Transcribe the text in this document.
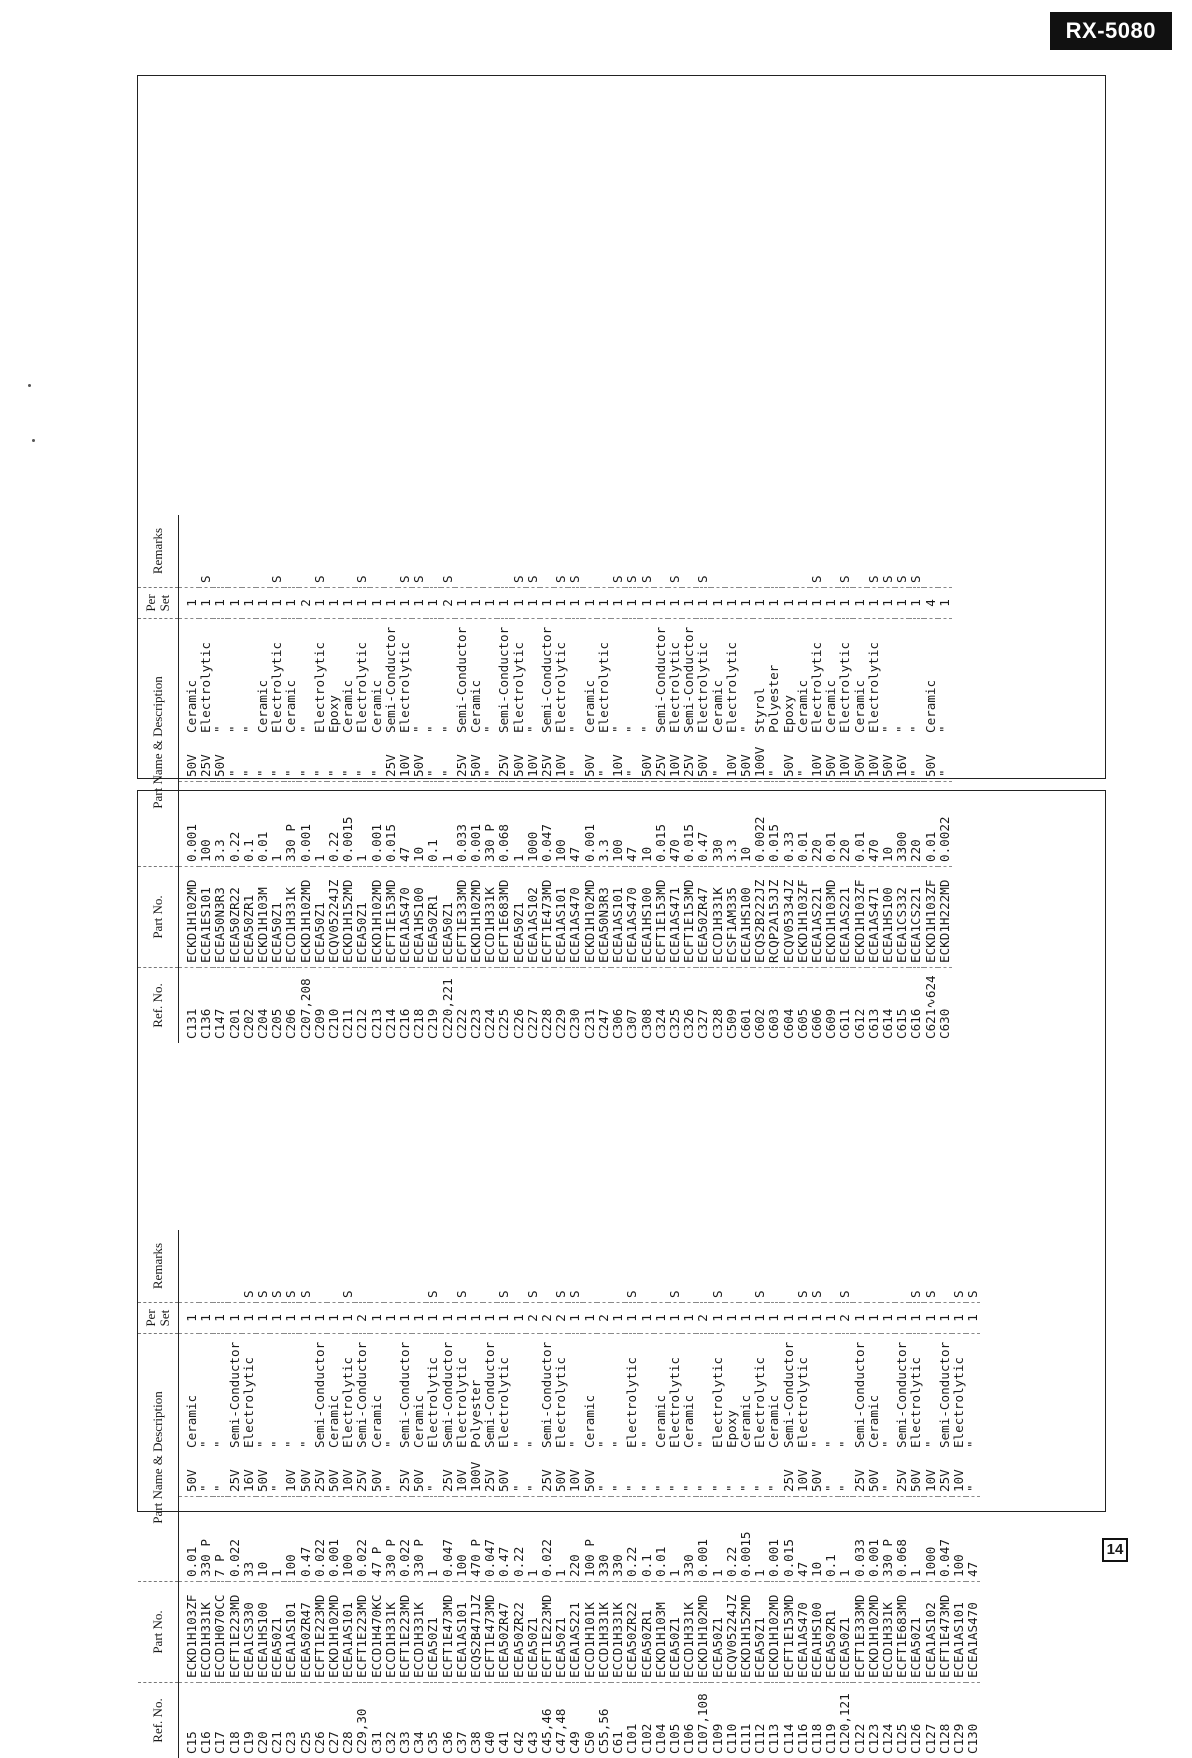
RX-5080
Ref. No.	Part No.	Part Name & Description			Per Set	Remarks
C15	ECKD1H103ZF	0.01	50V	Ceramic	1	
C16	ECCD1H331K	330 P	"	"	1	
C17	ECCD1H070CC	7 P	"	"	1	
C18	ECFT1E223MD	0.022	25V	Semi-Conductor	1	
C19	ECEA1CS330	33	16V	Electrolytic	1	S
C20	ECEA1HS100	10	50V	"	1	S
C21	ECEA50Z1	1	"	"	1	S
C23	ECEA1AS101	100	10V	"	1	S
C25	ECEA50ZR47	0.47	50V	"	1	S
C26	ECFT1E223MD	0.022	25V	Semi-Conductor	1	
C27	ECKD1H102MD	0.001	50V	Ceramic	1	
C28	ECEA1AS101	100	10V	Electrolytic	1	S
C29,30	ECFT1E223MD	0.022	25V	Semi-Conductor	2	
C31	ECCD1H470KC	47 P	50V	Ceramic	1	
C32	ECCD1H331K	330 P	"	"	1	
C33	ECFT1E223MD	0.022	25V	Semi-Conductor	1	
C34	ECCD1H331K	330 P	50V	Ceramic	1	
C35	ECEA50Z1	1	"	Electrolytic	1	S
C36	ECFT1E473MD	0.047	25V	Semi-Conductor	1	
C37	ECEA1AS101	100	10V	Electrolytic	1	S
C38	ECQS2B471JZ	470 P	100V	Polyester	1	
C40	ECFT1E473MD	0.047	25V	Semi-Conductor	1	
C41	ECEA50ZR47	0.47	50V	Electrolytic	1	S
C42	ECEA50ZR22	0.22	"	"	1	
C43	ECEA50Z1	1	"	"	2	S
C45,46	ECFT1E223MD	0.022	25V	Semi-Conductor	2	
C47,48	ECEA50Z1	1	50V	Electrolytic	2	S
C49	ECEA1AS221	220	10V	"	1	S
C50	ECCD1H101K	100 P	50V	Ceramic	1	
C55,56	ECCD1H331K	330	"	"	2	
C61	ECCD1H331K	330	"	"	1	
C101	ECEA50ZR22	0.22	"	Electrolytic	1	S
C102	ECEA50ZR1	0.1	"	"	1	
C104	ECKD1H103M	0.01	"	Ceramic	1	
C105	ECEA50Z1	1	"	Electrolytic	1	S
C106	ECCD1H331K	330	"	Ceramic	1	
C107,108	ECKD1H102MD	0.001	"	"	2	
C109	ECEA50Z1	1	"	Electrolytic	1	S
C110	ECQV05224JZ	0.22	"	Epoxy	1	
C111	ECKD1H152MD	0.0015	"	Ceramic	1	
C112	ECEA50Z1	1	"	Electrolytic	1	S
C113	ECKD1H102MD	0.001	"	Ceramic	1	
C114	ECFT1E153MD	0.015	25V	Semi-Conductor	1	
C116	ECEA1AS470	47	10V	Electrolytic	1	S
C118	ECEA1HS100	10	50V	"	1	S
C119	ECEA50ZR1	0.1	"	"	1	
C120,121	ECEA50Z1	1	"	"	2	S
C122	ECFT1E333MD	0.033	25V	Semi-Conductor	1	
C123	ECKD1H102MD	0.001	50V	Ceramic	1	
C124	ECCD1H331K	330 P	"	"	1	
C125	ECFT1E683MD	0.068	25V	Semi-Conductor	1	
C126	ECEA50Z1	1	50V	Electrolytic	1	S
C127	ECEA1AS102	1000	10V	"	1	S
C128	ECFT1E473MD	0.047	25V	Semi-Conductor	1	
C129	ECEA1AS101	100	10V	Electrolytic	1	S
C130	ECEA1AS470	47	"	"	1	S
Ref. No.	Part No.	Part Name & Description			Per Set	Remarks
C131	ECKD1H102MD	0.001	50V	Ceramic	1	
C136	ECEA1ES101	100	25V	Electrolytic	1	S
C147	ECEA50N3R3	3.3	50V	"	1	
C201	ECEA50ZR22	0.22	"	"	1	
C202	ECEA50ZR1	0.1	"	"	1	
C204	ECKD1H103M	0.01	"	Ceramic	1	
C205	ECEA50Z1	1	"	Electrolytic	1	S
C206	ECCD1H331K	330 P	"	Ceramic	1	
C207,208	ECKD1H102MD	0.001	"	"	2	
C209	ECEA50Z1	1	"	Electrolytic	1	S
C210	ECQV05224JZ	0.22	"	Epoxy	1	
C211	ECKD1H152MD	0.0015	"	Ceramic	1	
C212	ECEA50Z1	1	"	Electrolytic	1	S
C213	ECKD1H102MD	0.001	"	Ceramic	1	
C214	ECFT1E153MD	0.015	25V	Semi-Conductor	1	
C216	ECEA1AS470	47	10V	Electrolytic	1	S
C218	ECEA1HS100	10	50V	"	1	S
C219	ECEA50ZR1	0.1	"	"	1	
C220,221	ECEA50Z1	1	"	"	2	S
C222	ECFT1E333MD	0.033	25V	Semi-Conductor	1	
C223	ECKD1H102MD	0.001	50V	Ceramic	1	
C224	ECCD1H331K	330 P	"	"	1	
C225	ECFT1E683MD	0.068	25V	Semi-Conductor	1	
C226	ECEA50Z1	1	50V	Electrolytic	1	S
C227	ECEA1AS102	1000	10V	"	1	S
C228	ECFT1E473MD	0.047	25V	Semi-Conductor	1	
C229	ECEA1AS101	100	10V	Electrolytic	1	S
C230	ECEA1AS470	47	"	"	1	S
C231	ECKD1H102MD	0.001	50V	Ceramic	1	
C247	ECEA50N3R3	3.3	"	Electrolytic	1	
C306	ECEA1AS101	100	10V	"	1	S
C307	ECEA1AS470	47	"	"	1	S
C308	ECEA1HS100	10	50V	"	1	S
C324	ECFT1E153MD	0.015	25V	Semi-Conductor	1	
C325	ECEA1AS471	470	10V	Electrolytic	1	S
C326	ECFT1E153MD	0.015	25V	Semi-Conductor	1	
C327	ECEA50ZR47	0.47	50V	Electrolytic	1	S
C328	ECCD1H331K	330	"	Ceramic	1	
C509	ECSF1AM335	3.3	10V	Electrolytic	1	
C601	ECEA1HS100	10	50V	"	1	
C602	ECQS2B222JZ	0.0022	100V	Styrol	1	
C603	RCQP2A153JZ	0.015	"	Polyester	1	
C604	ECQV05334JZ	0.33	50V	Epoxy	1	
C605	ECKD1H103ZF	0.01	"	Ceramic	1	
C606	ECEA1AS221	220	10V	Electrolytic	1	S
C609	ECKD1H103MD	0.01	50V	Ceramic	1	
C611	ECEA1AS221	220	10V	Electrolytic	1	S
C612	ECKD1H103ZF	0.01	50V	Ceramic	1	
C613	ECEA1AS471	470	10V	Electrolytic	1	S
C614	ECEA1HS100	10	50V	"	1	S
C615	ECEA1CS332	3300	16V	"	1	S
C616	ECEA1CS221	220	"	"	1	S
C621∿624	ECKD1H103ZF	0.01	50V	Ceramic	4	
C630	ECKD1H222MD	0.0022	"	"	1	
14
